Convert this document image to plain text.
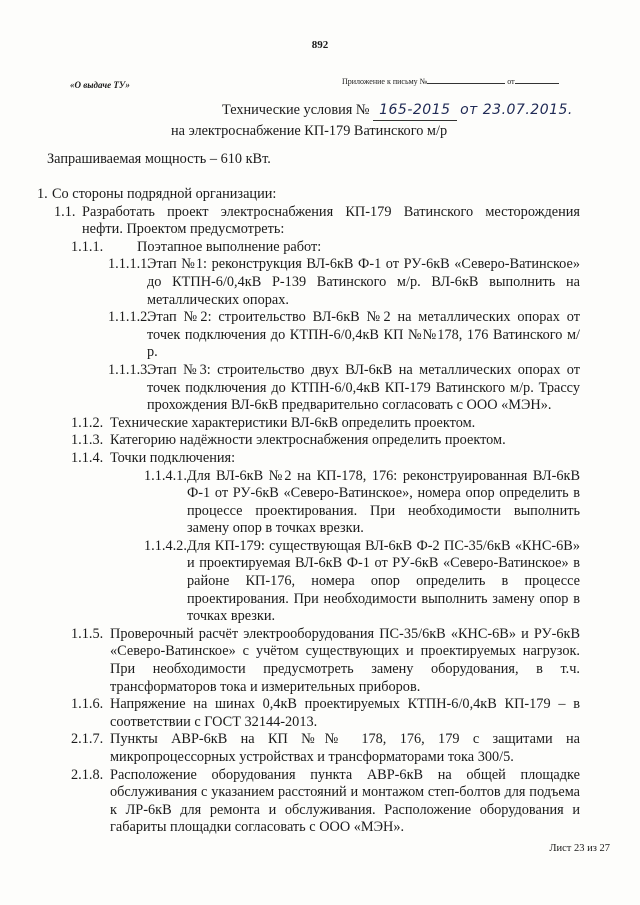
892
«О выдаче ТУ»	Приложение к письму №	от
Технические условия № 165-2015 от 23.07.2015.
на электроснабжение КП-179 Ватинского м/р
Запрашиваемая мощность – 610 кВт.
1. Со стороны подрядной организации:
1.1. Разработать проект электроснабжения КП-179 Ватинского месторождения нефти. Проектом предусмотреть:
1.1.1. Поэтапное выполнение работ:
1.1.1.1.
Этап №1: реконструкция ВЛ-6кВ Ф-1 от РУ-6кВ «Северо-Ватинское» до КТПН-6/0,4кВ Р-139 Ватинского м/р. ВЛ-6кВ выполнить на металлических опорах.
1.1.1.2.
Этап №2: строительство ВЛ-6кВ №2 на металлических опорах от точек подключения до КТПН-6/0,4кВ КП №№178, 176 Ватинского м/р.
1.1.1.3.
Этап №3: строительство двух ВЛ-6кВ на металлических опорах от точек подключения до КТПН-6/0,4кВ КП-179 Ватинского м/р. Трассу прохождения ВЛ-6кВ предварительно согласовать с ООО «МЭН».
1.1.2. Технические характеристики ВЛ-6кВ определить проектом.
1.1.3. Категорию надёжности электроснабжения определить проектом.
1.1.4. Точки подключения:
1.1.4.1. Для ВЛ-6кВ №2 на КП-178, 176: реконструированная ВЛ-6кВ Ф-1 от РУ-6кВ «Северо-Ватинское», номера опор определить в процессе проектирования. При необходимости выполнить замену опор в точках врезки.
1.1.4.2. Для КП-179: существующая ВЛ-6кВ Ф-2 ПС-35/6кВ «КНС-6В» и проектируемая ВЛ-6кВ Ф-1 от РУ-6кВ «Северо-Ватинское» в районе КП-176, номера опор определить в процессе проектирования. При необходимости выполнить замену опор в точках врезки.
1.1.5. Проверочный расчёт электрооборудования ПС-35/6кВ «КНС-6В» и РУ-6кВ «Северо-Ватинское» с учётом существующих и проектируемых нагрузок. При необходимости предусмотреть замену оборудования, в т.ч. трансформаторов тока и измерительных приборов.
1.1.6. Напряжение на шинах 0,4кВ проектируемых КТПН-6/0,4кВ КП-179 – в соответствии с ГОСТ 32144-2013.
2.1.7. Пункты АВР-6кВ на КП №№ 178, 176, 179 с защитами на микропроцессорных устройствах и трансформаторами тока 300/5.
2.1.8. Расположение оборудования пункта АВР-6кВ на общей площадке обслуживания с указанием расстояний и монтажом степ-болтов для подъема к ЛР-6кВ для ремонта и обслуживания. Расположение оборудования и габариты площадки согласовать с ООО «МЭН».
Лист 23 из 27
